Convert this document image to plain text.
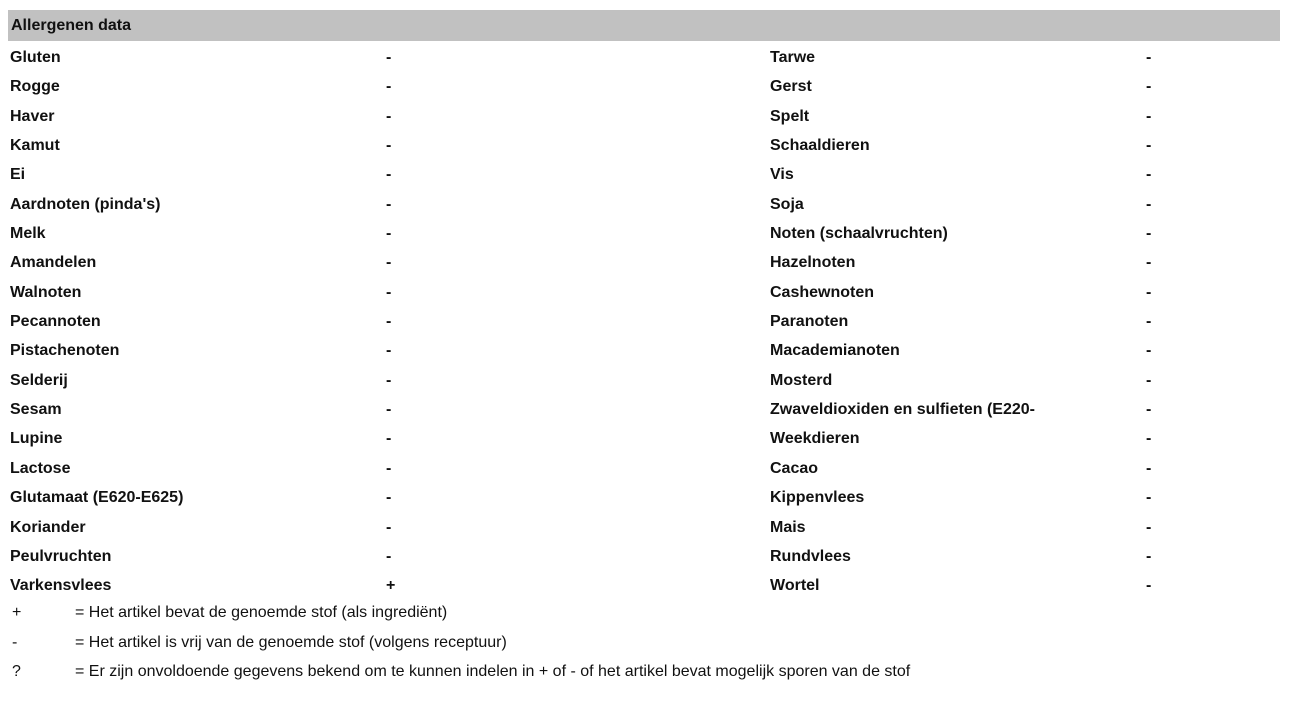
Allergenen data
Gluten	-	Tarwe	-
Rogge	-	Gerst	-
Haver	-	Spelt	-
Kamut	-	Schaaldieren	-
Ei	-	Vis	-
Aardnoten (pinda's)	-	Soja	-
Melk	-	Noten (schaalvruchten)	-
Amandelen	-	Hazelnoten	-
Walnoten	-	Cashewnoten	-
Pecannoten	-	Paranoten	-
Pistachenoten	-	Macademianoten	-
Selderij	-	Mosterd	-
Sesam	-	Zwaveldioxiden en sulfieten (E220-	-
Lupine	-	Weekdieren	-
Lactose	-	Cacao	-
Glutamaat (E620-E625)	-	Kippenvlees	-
Koriander	-	Mais	-
Peulvruchten	-	Rundvlees	-
Varkensvlees	+	Wortel	-
+	= Het artikel bevat de genoemde stof (als ingrediënt)
-	= Het artikel is vrij van de genoemde stof (volgens receptuur)
?	= Er zijn onvoldoende gegevens bekend om te kunnen indelen in + of - of het artikel bevat mogelijk sporen van de stof
